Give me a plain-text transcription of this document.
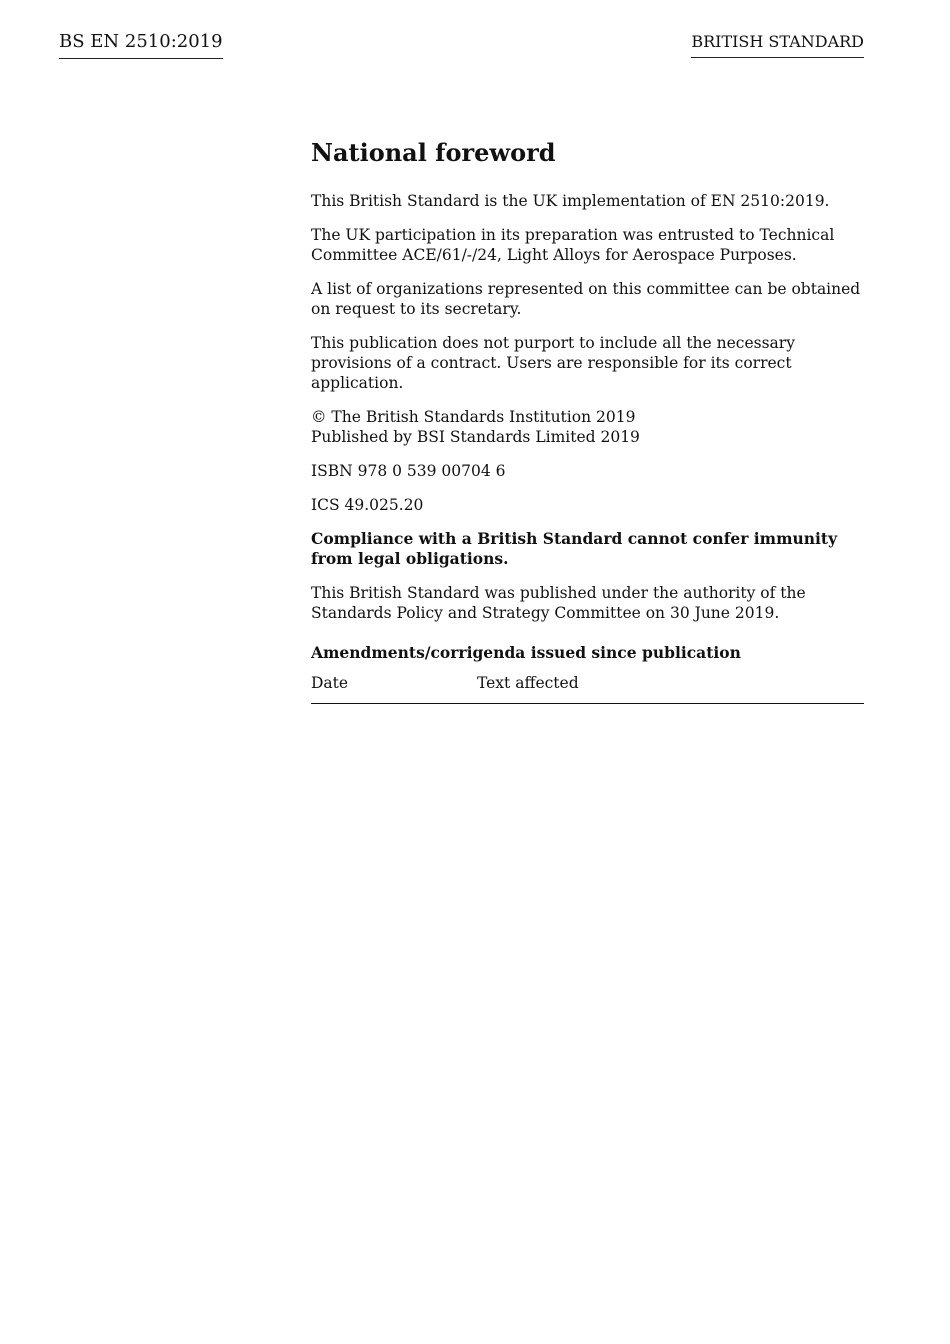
BS EN 2510:2019	BRITISH STANDARD
National foreword

This British Standard is the UK implementation of EN 2510:2019.

The UK participation in its preparation was entrusted to Technical Committee ACE/61/-/24, Light Alloys for Aerospace Purposes.

A list of organizations represented on this committee can be obtained on request to its secretary.

This publication does not purport to include all the necessary provisions of a contract. Users are responsible for its correct application.

© The British Standards Institution 2019
Published by BSI Standards Limited 2019

ISBN 978 0 539 00704 6

ICS 49.025.20

Compliance with a British Standard cannot confer immunity from legal obligations.

This British Standard was published under the authority of the Standards Policy and Strategy Committee on 30 June 2019.

Amendments/corrigenda issued since publication
Date	Text affected
